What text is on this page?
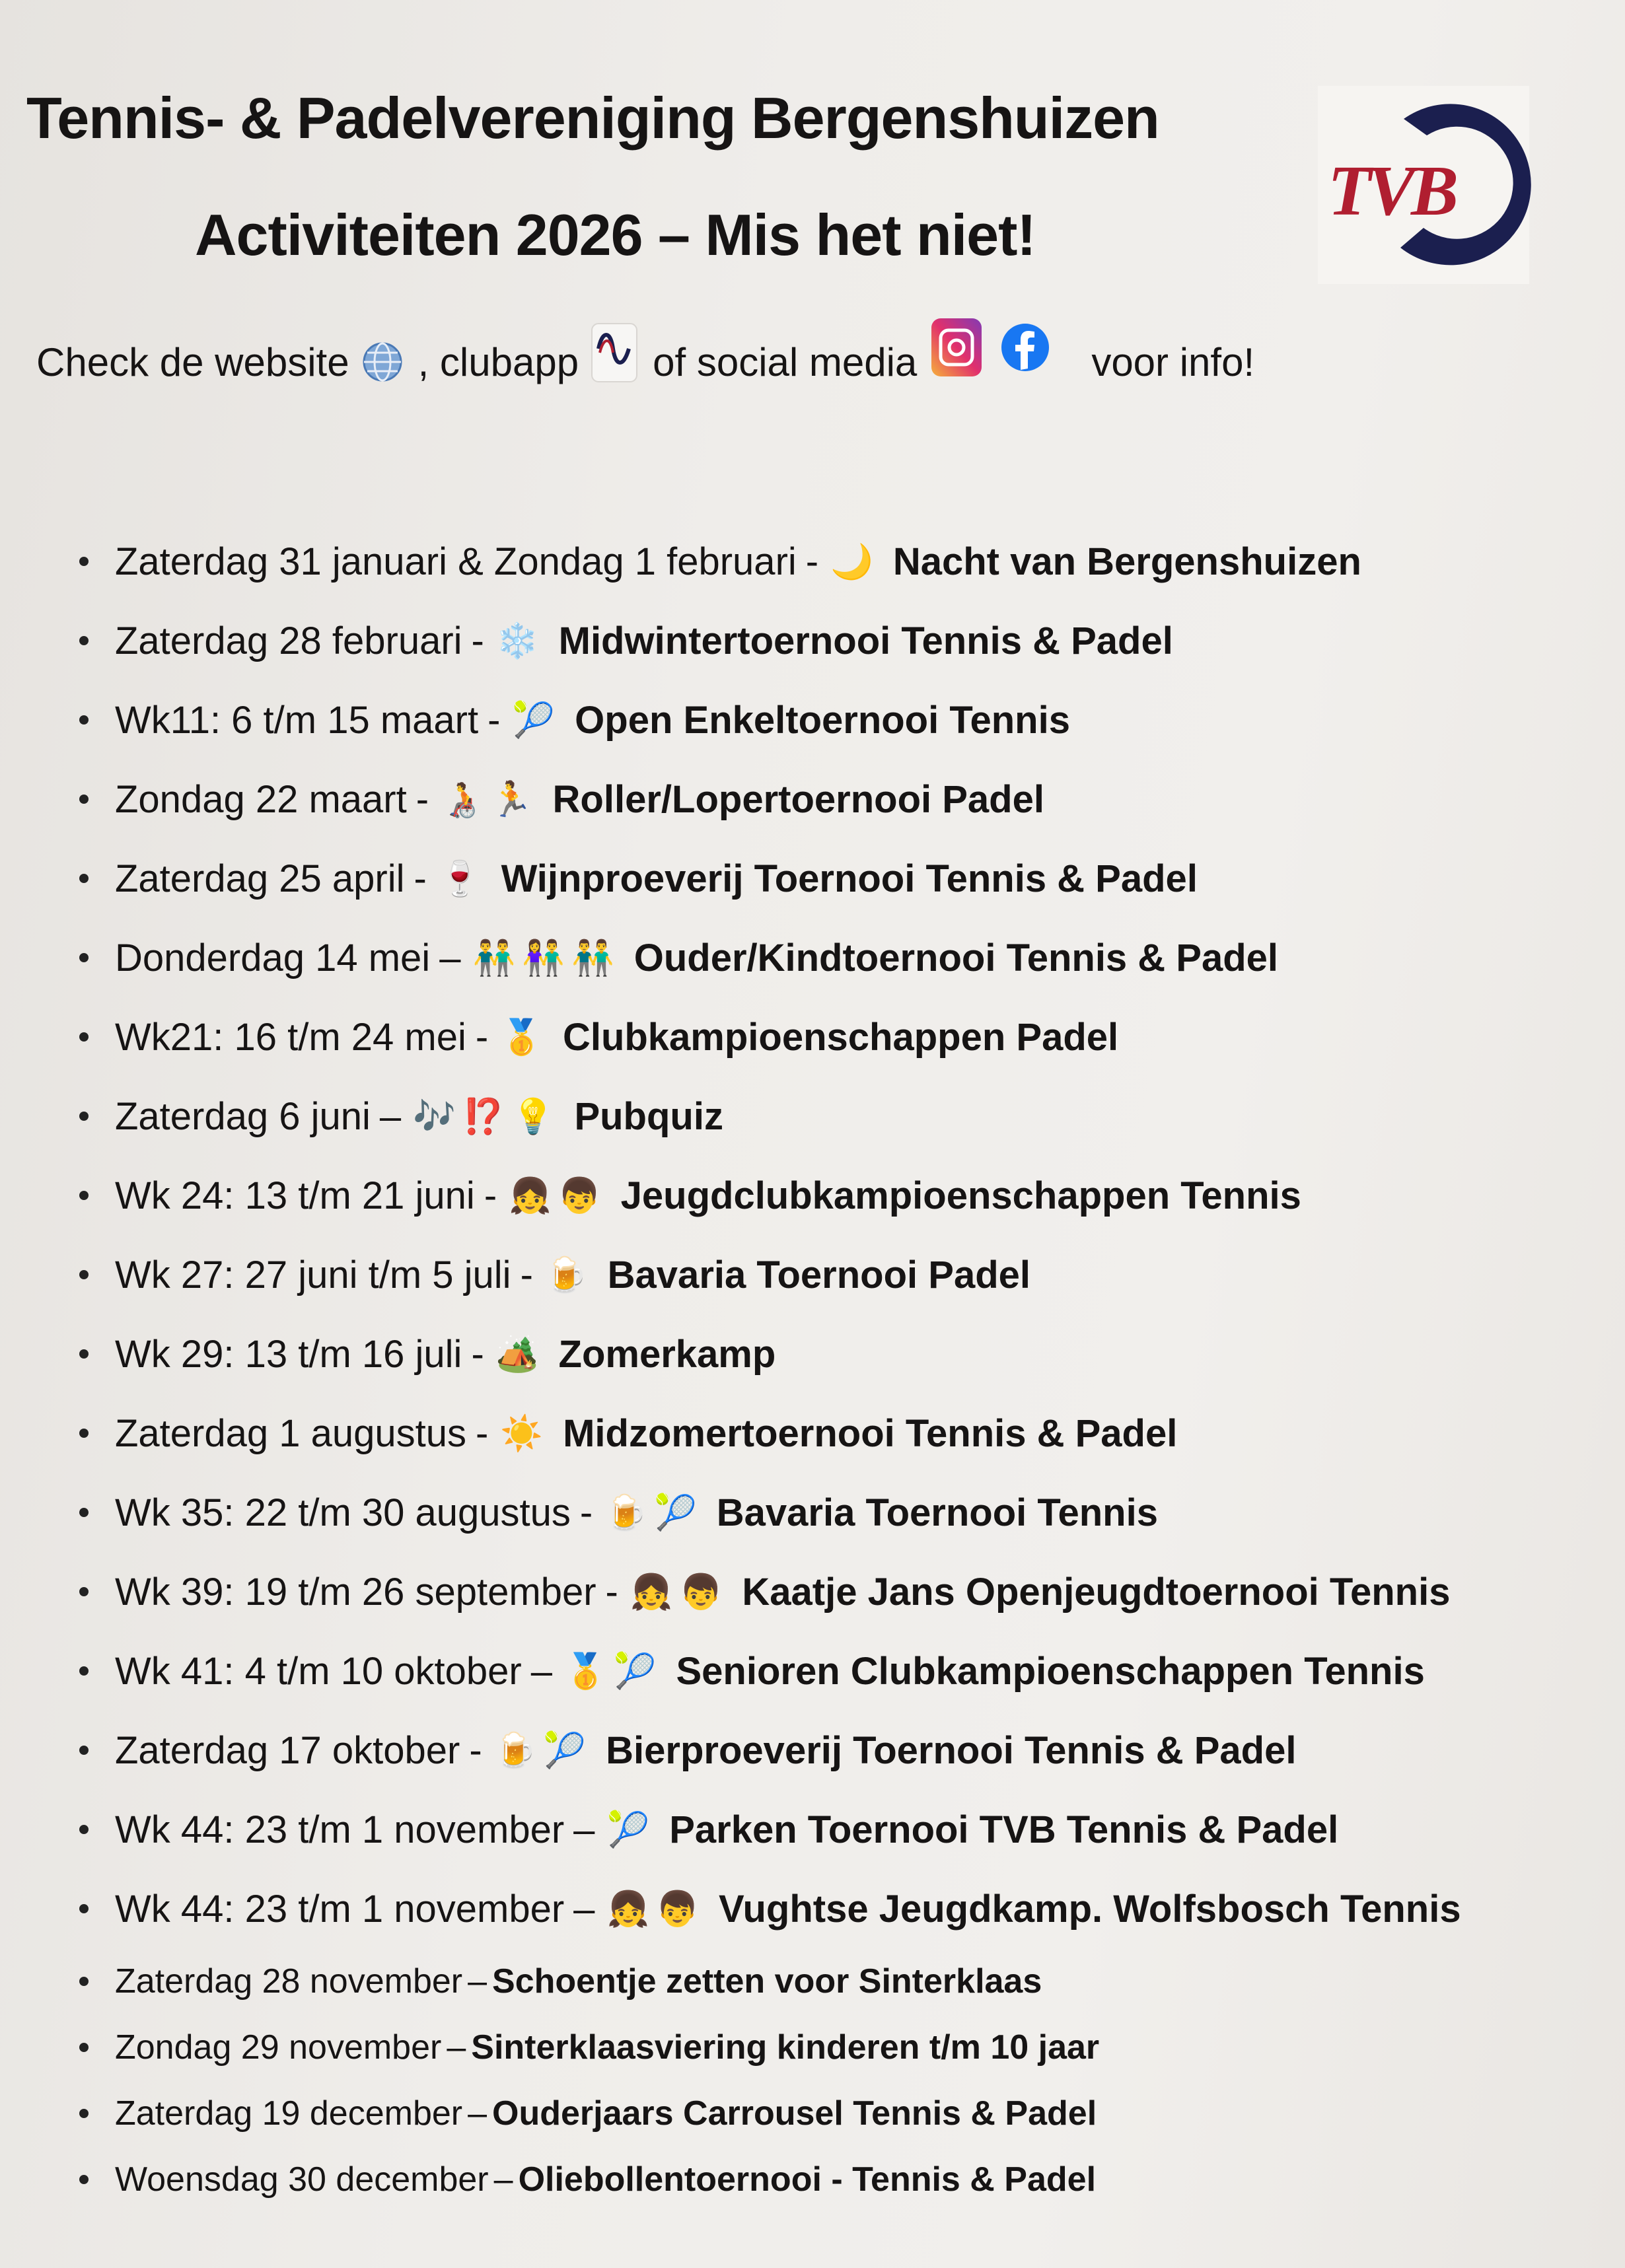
Tennis- & Padelvereniging Bergenshuizen
Activiteiten 2026 – Mis het niet!
TVB
Check de website , clubapp of social media	voor info!
Zaterdag 31 januari & Zondag 1 februari - 🌙 Nacht van Bergenshuizen
Zaterdag 28 februari - ❄️ Midwintertoernooi Tennis & Padel
Wk11: 6 t/m 15 maart - 🎾 Open Enkeltoernooi Tennis
Zondag 22 maart - 🧑‍🦽🏃 Roller/Lopertoernooi Padel
Zaterdag 25 april - 🍷 Wijnproeverij Toernooi Tennis & Padel
Donderdag 14 mei – 👬👫👬 Ouder/Kindtoernooi Tennis & Padel
Wk21: 16 t/m 24 mei - 🥇 Clubkampioenschappen Padel
Zaterdag 6 juni – 🎶⁉️💡 Pubquiz
Wk 24: 13 t/m 21 juni - 👧👦 Jeugdclubkampioenschappen Tennis
Wk 27: 27 juni t/m 5 juli - 🍺 Bavaria Toernooi Padel
Wk 29: 13 t/m 16 juli - 🏕️ Zomerkamp
Zaterdag 1 augustus - ☀️ Midzomertoernooi Tennis & Padel
Wk 35: 22 t/m 30 augustus - 🍺🎾 Bavaria Toernooi Tennis
Wk 39: 19 t/m 26 september - 👧👦 Kaatje Jans Openjeugdtoernooi Tennis
Wk 41: 4 t/m 10 oktober – 🥇🎾 Senioren Clubkampioenschappen Tennis
Zaterdag 17 oktober - 🍺🎾 Bierproeverij Toernooi Tennis & Padel
Wk 44: 23 t/m 1 november – 🎾 Parken Toernooi TVB Tennis & Padel
Wk 44: 23 t/m 1 november – 👧👦 Vughtse Jeugdkamp. Wolfsbosch Tennis
Zaterdag 28 november – Schoentje zetten voor Sinterklaas
Zondag 29 november – Sinterklaasviering kinderen t/m 10 jaar
Zaterdag 19 december – Ouderjaars Carrousel Tennis & Padel
Woensdag 30 december – Oliebollentoernooi - Tennis & Padel
